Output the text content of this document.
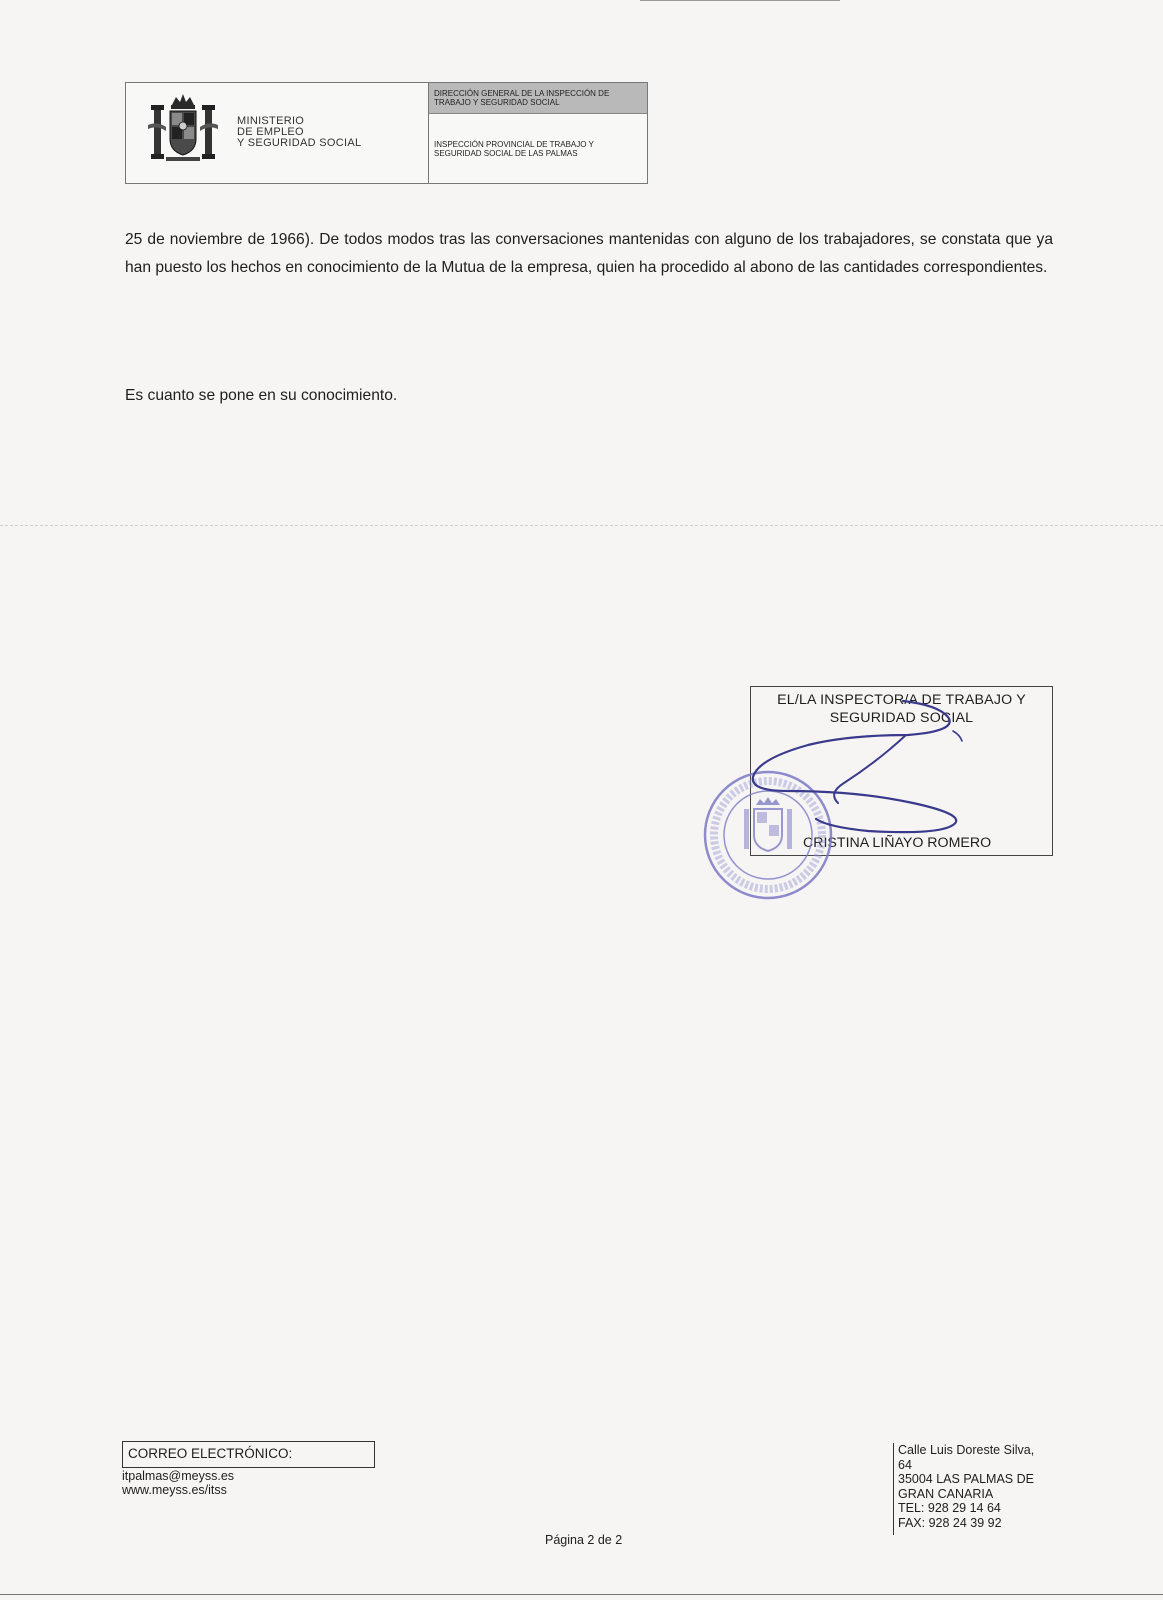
MINISTERIO
DE EMPLEO
Y SEGURIDAD SOCIAL
DIRECCIÓN GENERAL DE LA INSPECCIÓN DE
TRABAJO Y SEGURIDAD SOCIAL
INSPECCIÓN PROVINCIAL DE TRABAJO Y
SEGURIDAD SOCIAL DE LAS PALMAS
25 de noviembre de 1966). De todos modos tras las conversaciones mantenidas con alguno de los trabajadores, se constata que ya han puesto los hechos en conocimiento de la Mutua de la empresa, quien ha procedido al abono de las cantidades correspondientes.
Es cuanto se pone en su conocimiento.
EL/LA INSPECTOR/A DE TRABAJO Y
SEGURIDAD SOCIAL
CRISTINA LIÑAYO ROMERO
CORREO ELECTRÓNICO:
itpalmas@meyss.es
www.meyss.es/itss
Calle Luis Doreste Silva,
64
35004 LAS PALMAS DE
GRAN CANARIA
TEL: 928 29 14 64
FAX: 928 24 39 92
Página 2 de 2
